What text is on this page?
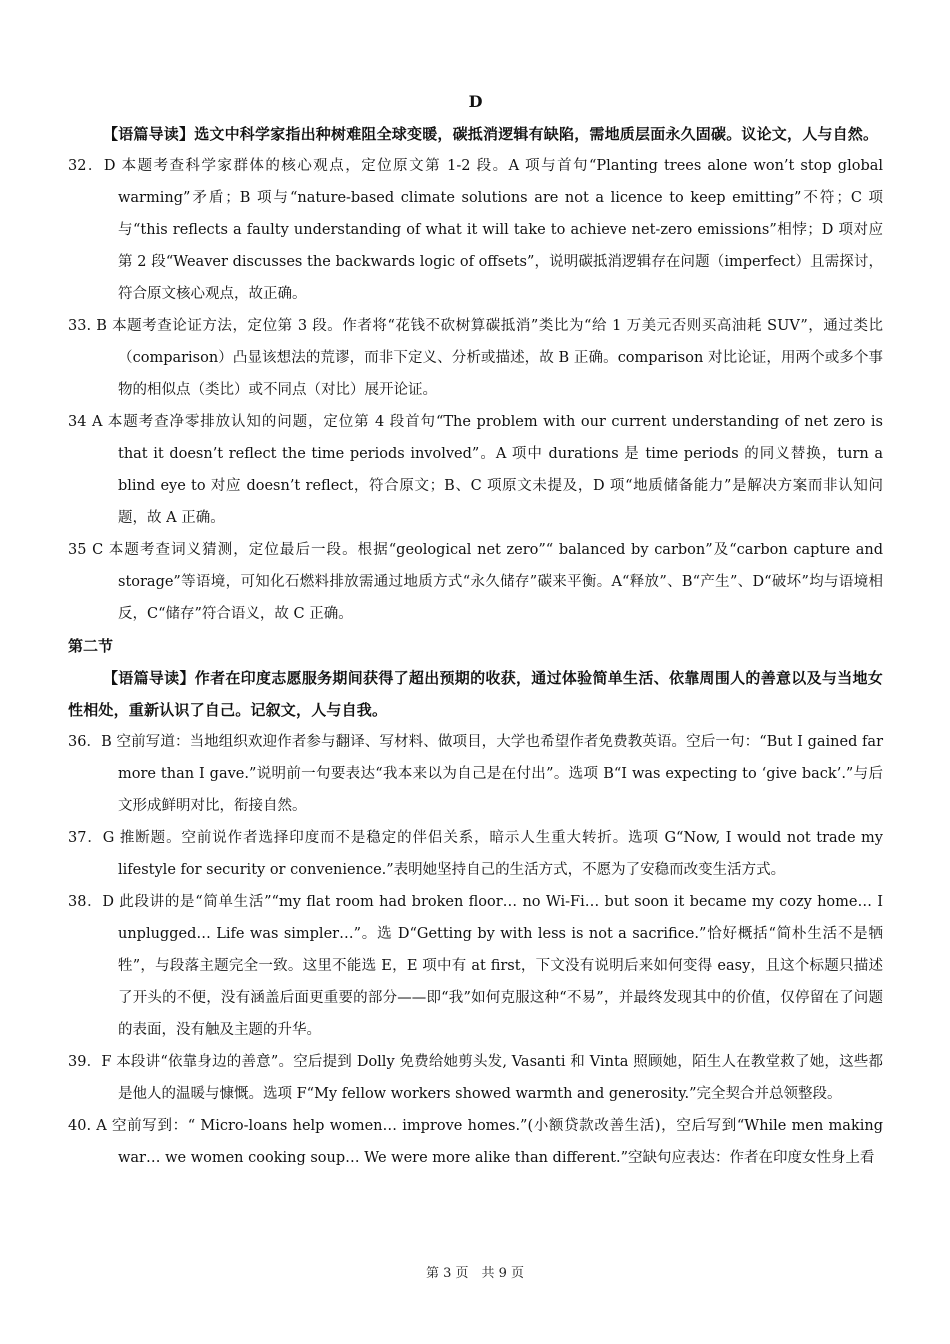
D
【语篇导读】选文中科学家指出种树难阻全球变暖，碳抵消逻辑有缺陷，需地质层面永久固碳。议论文，人与自然。
32．D 本题考查科学家群体的核心观点，定位原文第 1-2 段。A 项与首句“Planting trees alone won’t stop global warming”矛盾；B 项与“nature-based climate solutions are not a licence to keep emitting”不符；C 项与“this reflects a faulty understanding of what it will take to achieve net-zero emissions”相悖；D 项对应第 2 段“Weaver discusses the backwards logic of offsets”，说明碳抵消逻辑存在问题（imperfect）且需探讨，符合原文核心观点，故正确。
33. B 本题考查论证方法，定位第 3 段。作者将“花钱不砍树算碳抵消”类比为“给 1 万美元否则买高油耗 SUV”，通过类比（comparison）凸显该想法的荒谬，而非下定义、分析或描述，故 B 正确。comparison 对比论证，用两个或多个事物的相似点（类比）或不同点（对比）展开论证。
34 A 本题考查净零排放认知的问题，定位第 4 段首句“The problem with our current understanding of net zero is that it doesn’t reflect the time periods involved”。A 项中 durations 是 time periods 的同义替换，turn a blind eye to 对应 doesn’t reflect，符合原文；B、C 项原文未提及，D 项“地质储备能力”是解决方案而非认知问题，故 A 正确。
35 C 本题考查词义猜测，定位最后一段。根据“geological net zero”“ balanced by carbon”及“carbon capture and storage”等语境，可知化石燃料排放需通过地质方式“永久储存”碳来平衡。A“释放”、B“产生”、D“破坏”均与语境相反，C“储存”符合语义，故 C 正确。
第二节
【语篇导读】作者在印度志愿服务期间获得了超出预期的收获，通过体验简单生活、依靠周围人的善意以及与当地女性相处，重新认识了自己。记叙文，人与自我。
36．B 空前写道：当地组织欢迎作者参与翻译、写材料、做项目，大学也希望作者免费教英语。空后一句：“But I gained far more than I gave.”说明前一句要表达“我本来以为自己是在付出”。选项 B“I was expecting to ‘give back’.”与后文形成鲜明对比，衔接自然。
37．G 推断题。空前说作者选择印度而不是稳定的伴侣关系，暗示人生重大转折。选项 G“Now, I would not trade my lifestyle for security or convenience.”表明她坚持自己的生活方式，不愿为了安稳而改变生活方式。
38．D 此段讲的是“简单生活”“my flat room had broken floor… no Wi-Fi… but soon it became my cozy home… I unplugged… Life was simpler…”。选 D“Getting by with less is not a sacrifice.”恰好概括“简朴生活不是牺牲”，与段落主题完全一致。这里不能选 E，E 项中有 at first，下文没有说明后来如何变得 easy，且这个标题只描述了开头的不便，没有涵盖后面更重要的部分——即“我”如何克服这种“不易”，并最终发现其中的价值，仅停留在了问题的表面，没有触及主题的升华。
39．F 本段讲“依靠身边的善意”。空后提到 Dolly 免费给她剪头发, Vasanti 和 Vinta 照顾她，陌生人在教堂救了她，这些都是他人的温暖与慷慨。选项 F“My fellow workers showed warmth and generosity.”完全契合并总领整段。
40. A 空前写到：“ Micro-loans help women… improve homes.”(小额贷款改善生活)，空后写到“While men making war… we women cooking soup… We were more alike than different.”空缺句应表达：作者在印度女性身上看
第 3 页　共 9 页
